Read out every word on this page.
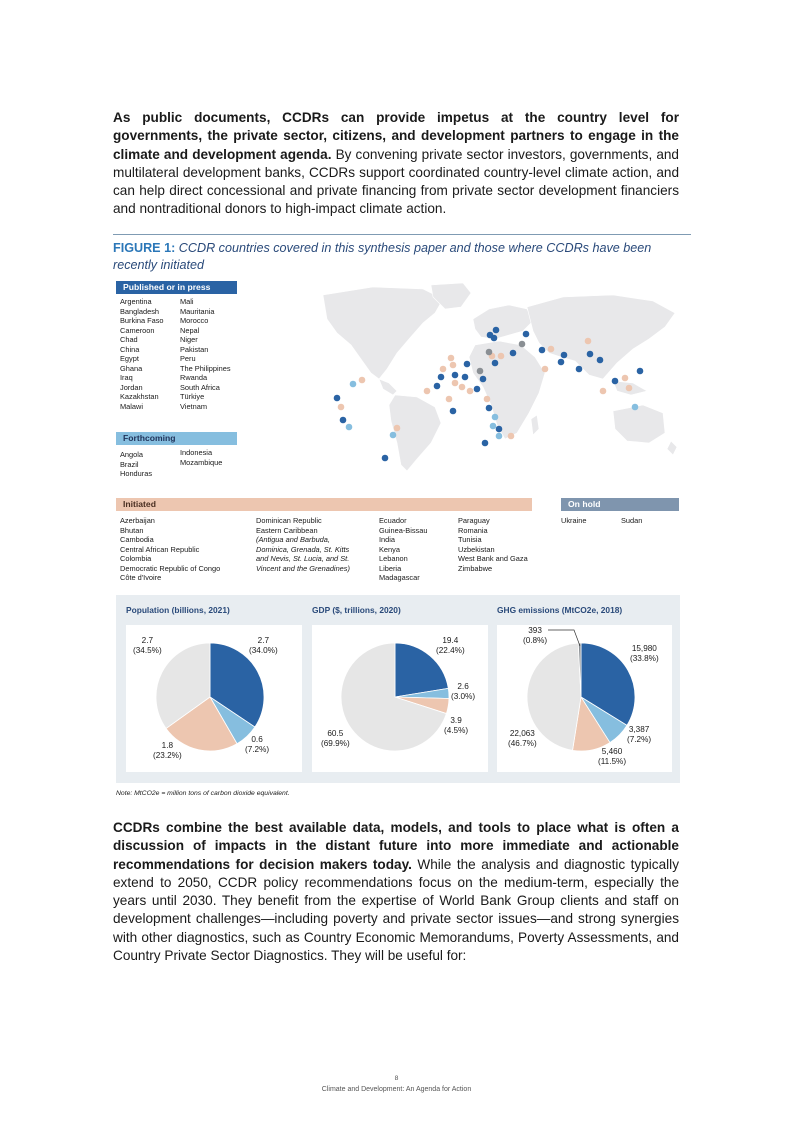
As public documents, CCDRs can provide impetus at the country level for governments, the private sector, citizens, and development partners to engage in the climate and development agenda. By convening private sector investors, governments, and multilateral development banks, CCDRs support coordinated country-level climate action, and can help direct concessional and private financing from private sector development financiers and nontraditional donors to high-impact climate action.

FIGURE 1: CCDR countries covered in this synthesis paper and those where CCDRs have been recently initiated
Published or in press
Argentina
Bangladesh
Burkina Faso
Cameroon
Chad
China
Egypt
Ghana
Iraq
Jordan
Kazakhstan
Malawi
Mali
Mauritania
Morocco
Nepal
Niger
Pakistan
Peru
The Philippines
Rwanda
South Africa
Türkiye
Vietnam
Forthcoming
Angola
Brazil
Honduras
Indonesia
Mozambique
Initiated
Azerbaijan
Bhutan
Cambodia
Central African Republic
Colombia
Democratic Republic of Congo
Côte d'Ivoire
Dominican Republic
Eastern Caribbean
(Antigua and Barbuda,
Dominica, Grenada, St. Kitts
and Nevis, St. Lucia, and St.
Vincent and the Grenadines)
Ecuador
Guinea-Bissau
India
Kenya
Lebanon
Liberia
Madagascar
Paraguay
Romania
Tunisia
Uzbekistan
West Bank and Gaza
Zimbabwe
On hold
Ukraine	Sudan
Population (billions, 2021)	GDP ($, trillions, 2020)	GHG emissions (MtCO2e, 2018)
2.7
(34.5%)
2.7
(34.0%)
0.6
(7.2%)
1.8
(23.2%)
19.4
(22.4%)
2.6
(3.0%)
3.9
(4.5%)
60.5
(69.9%)
393
(0.8%)
15,980
(33.8%)
3,387
(7.2%)
5,460
(11.5%)
22,063
(46.7%)
Note: MtCO2e = million tons of carbon dioxide equivalent.

CCDRs combine the best available data, models, and tools to place what is often a discussion of impacts in the distant future into more immediate and actionable recommendations for decision makers today. While the analysis and diagnostic typically extend to 2050, CCDR policy recommendations focus on the medium-term, especially the years until 2030. They benefit from the expertise of World Bank Group clients and staff on development challenges—including poverty and private sector issues—and strong synergies with other diagnostics, such as Country Economic Memorandums, Poverty Assessments, and Country Private Sector Diagnostics. They will be useful for:

8
Climate and Development: An Agenda for Action
